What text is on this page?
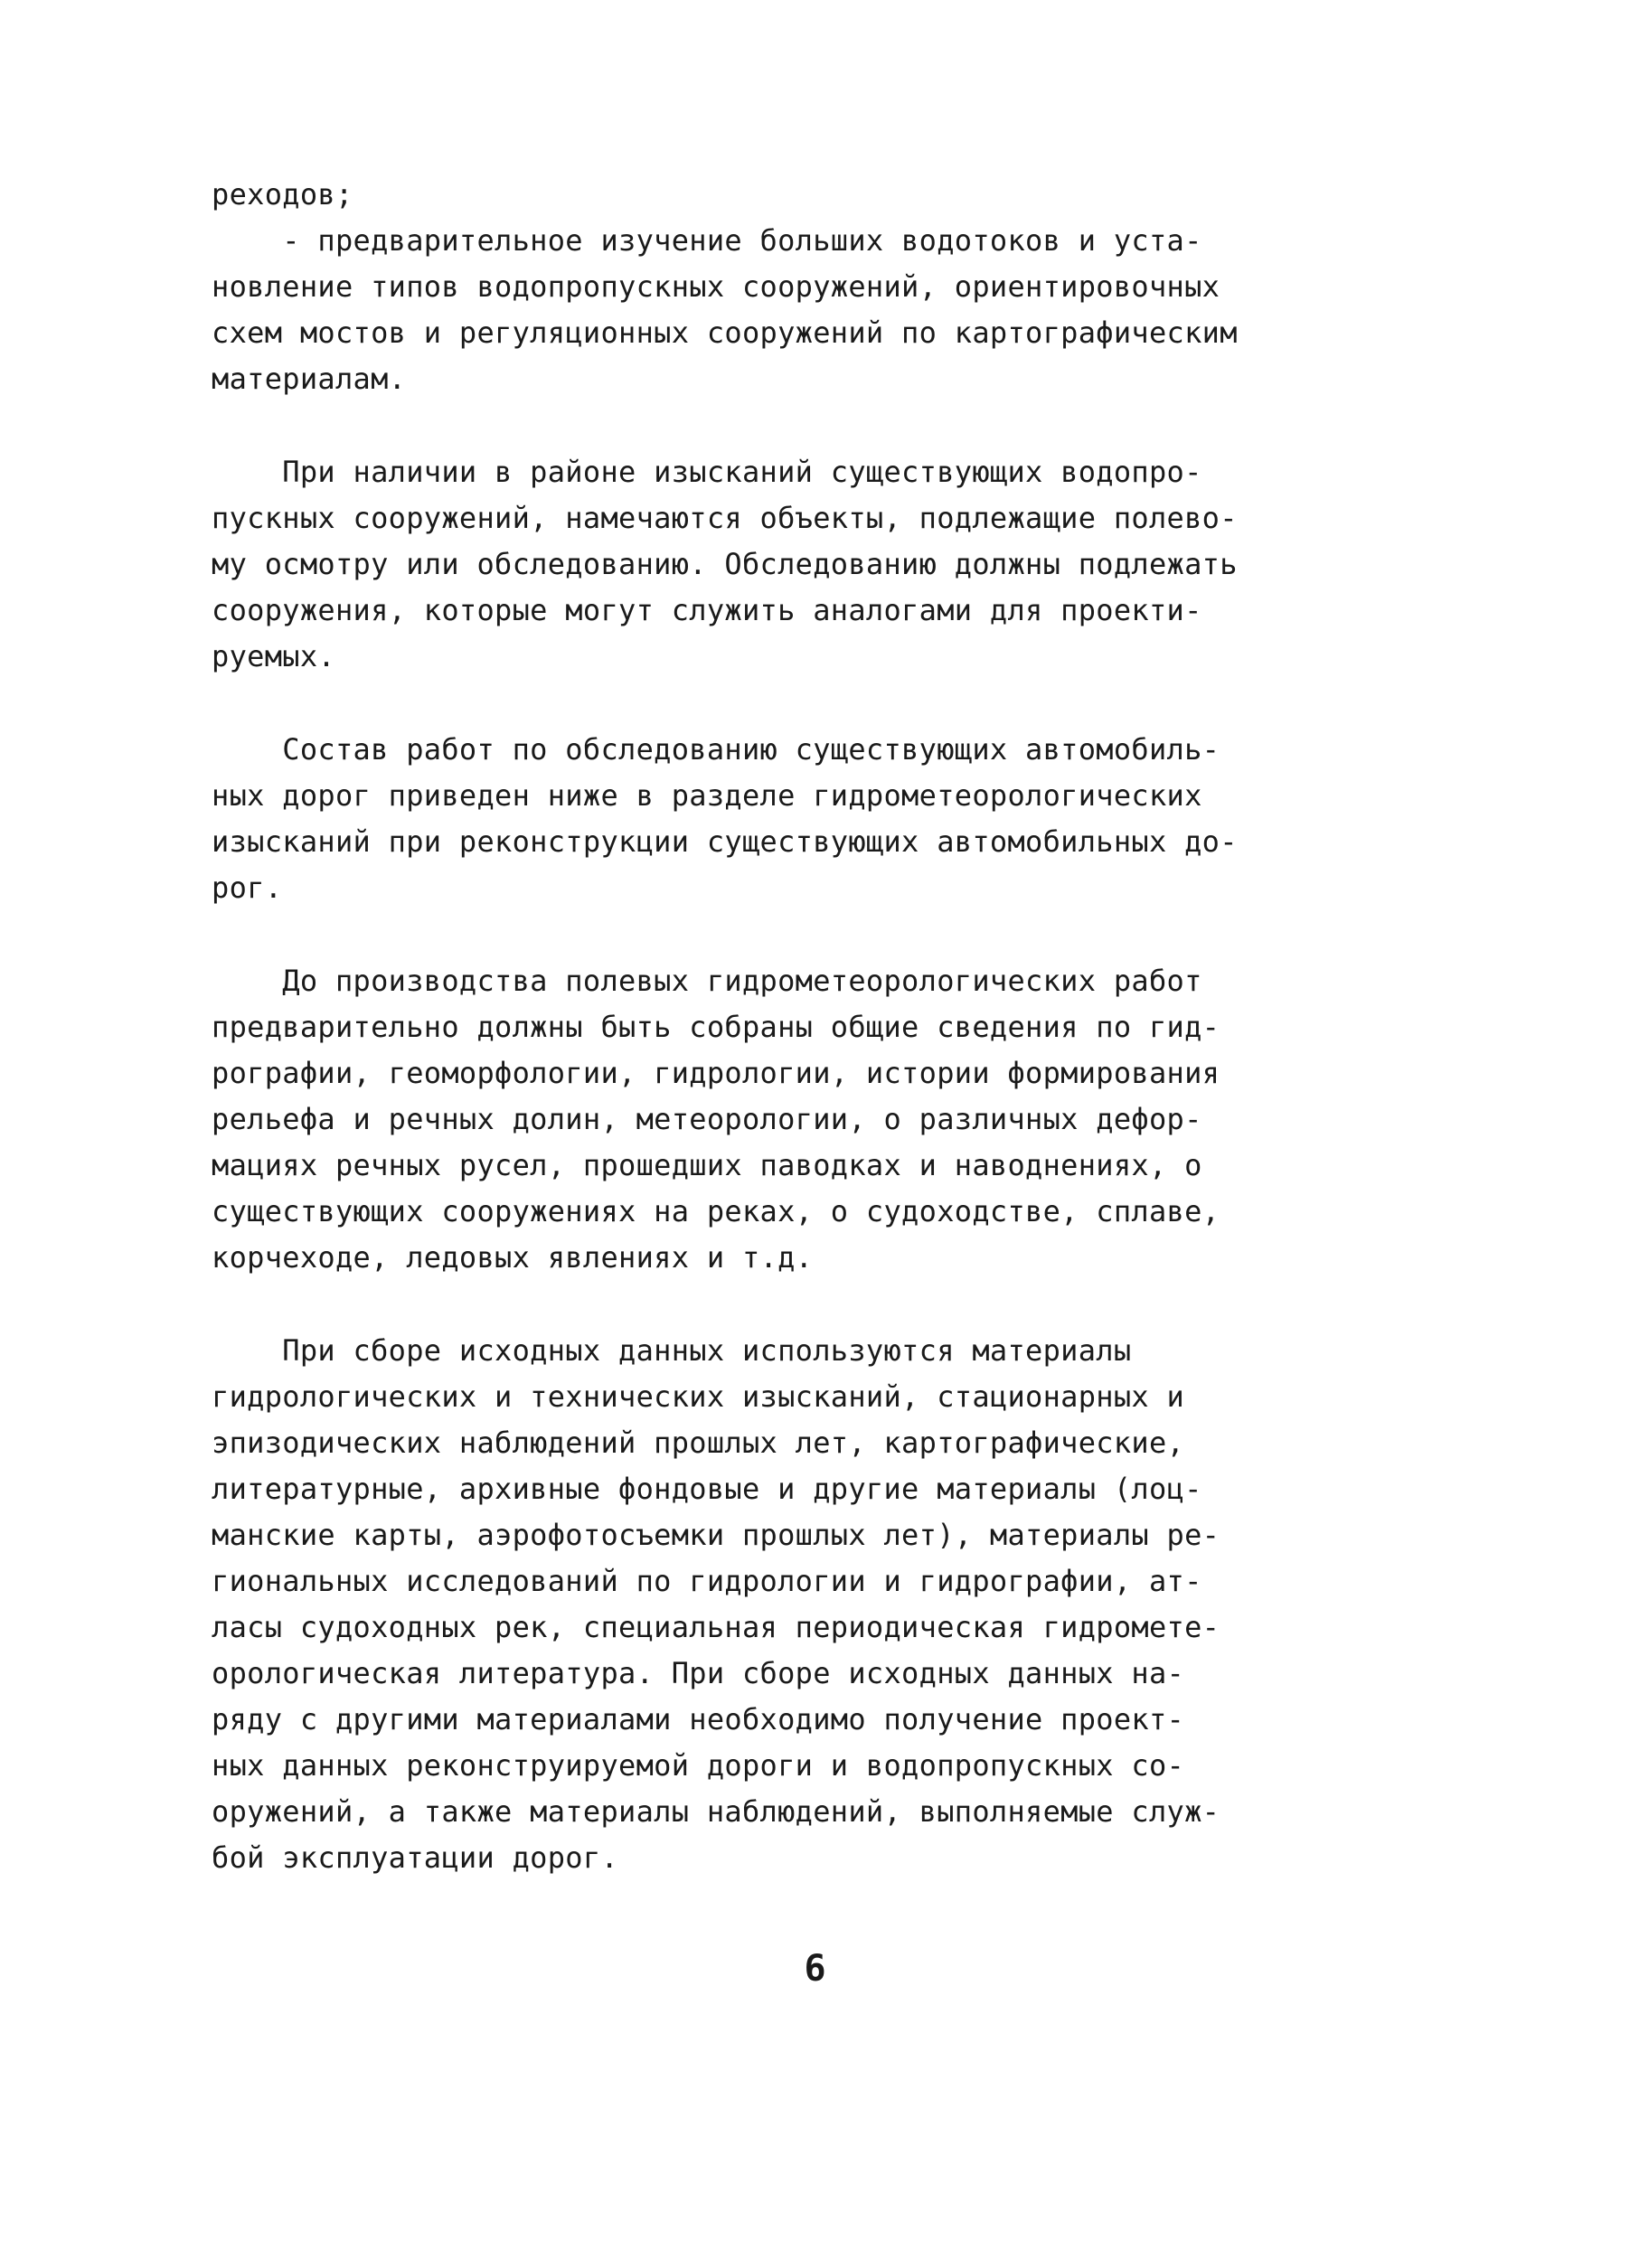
реходов;
- предварительное изучение больших водотоков и уста-
новление типов водопропускных сооружений, ориентировочных
схем мостов и регуляционных сооружений по картографическим
материалам.
При наличии в районе изысканий существующих водопро-
пускных сооружений, намечаются объекты, подлежащие полево-
му осмотру или обследованию. Обследованию должны подлежать
сооружения, которые могут служить аналогами для проекти-
руемых.
Состав работ по обследованию существующих автомобиль-
ных дорог приведен ниже в разделе гидрометеорологических
изысканий при реконструкции существующих автомобильных до-
рог.
До производства полевых гидрометеорологических работ
предварительно должны быть собраны общие сведения по гид-
рографии, геоморфологии, гидрологии, истории формирования
рельефа и речных долин, метеорологии, о различных дефор-
мациях речных русел, прошедших паводках и наводнениях, о
существующих сооружениях на реках, о судоходстве, сплаве,
корчеходе, ледовых явлениях и т.д.
При сборе исходных данных используются материалы
гидрологических и технических изысканий, стационарных и
эпизодических наблюдений прошлых лет, картографические,
литературные, архивные фондовые и другие материалы (лоц-
манские карты, аэрофотосъемки прошлых лет), материалы ре-
гиональных исследований по гидрологии и гидрографии, ат-
ласы судоходных рек, специальная периодическая гидромете-
орологическая литература. При сборе исходных данных на-
ряду с другими материалами необходимо получение проект-
ных данных реконструируемой дороги и водопропускных со-
оружений, а также материалы наблюдений, выполняемые служ-
бой эксплуатации дорог.
6
